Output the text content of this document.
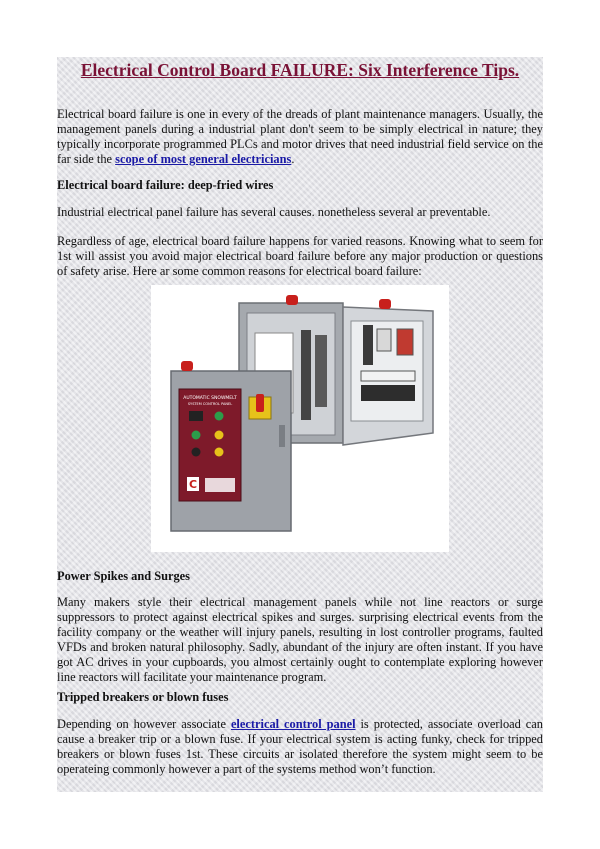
Electrical Control Board FAILURE: Six Interference Tips.

Electrical board failure is one in every of the dreads of plant maintenance managers. Usually, the management panels during a industrial plant don't seem to be simply electrical in nature; they typically incorporate programmed PLCs and motor drives that need industrial field service on the far side the scope of most general electricians.

Electrical board failure: deep-fried wires

Industrial electrical panel failure has several causes. nonetheless several ar preventable.

Regardless of age, electrical board failure happens for varied reasons. Knowing what to seem for 1st will assist you avoid major electrical board failure before any major production or questions of safety arise. Here ar some common reasons for electrical board failure:

AUTOMATIC SNOWMELT
SYSTEM CONTROL PANEL
C

Power Spikes and Surges

Many makers style their electrical management panels while not line reactors or surge suppressors to protect against electrical spikes and surges. surprising electrical events from the facility company or the weather will injury panels, resulting in lost controller programs, faulted VFDs and broken natural philosophy. Sadly, abundant of the injury are often instant. If you have got AC drives in your cupboards, you almost certainly ought to contemplate exploring however line reactors will facilitate your maintenance program.

Tripped breakers or blown fuses

Depending on however associate electrical control panel is protected, associate overload can cause a breaker trip or a blown fuse. If your electrical system is acting funky, check for tripped breakers or blown fuses 1st. These circuits ar isolated therefore the system might seem to be operateing commonly however a part of the systems method won’t function.
